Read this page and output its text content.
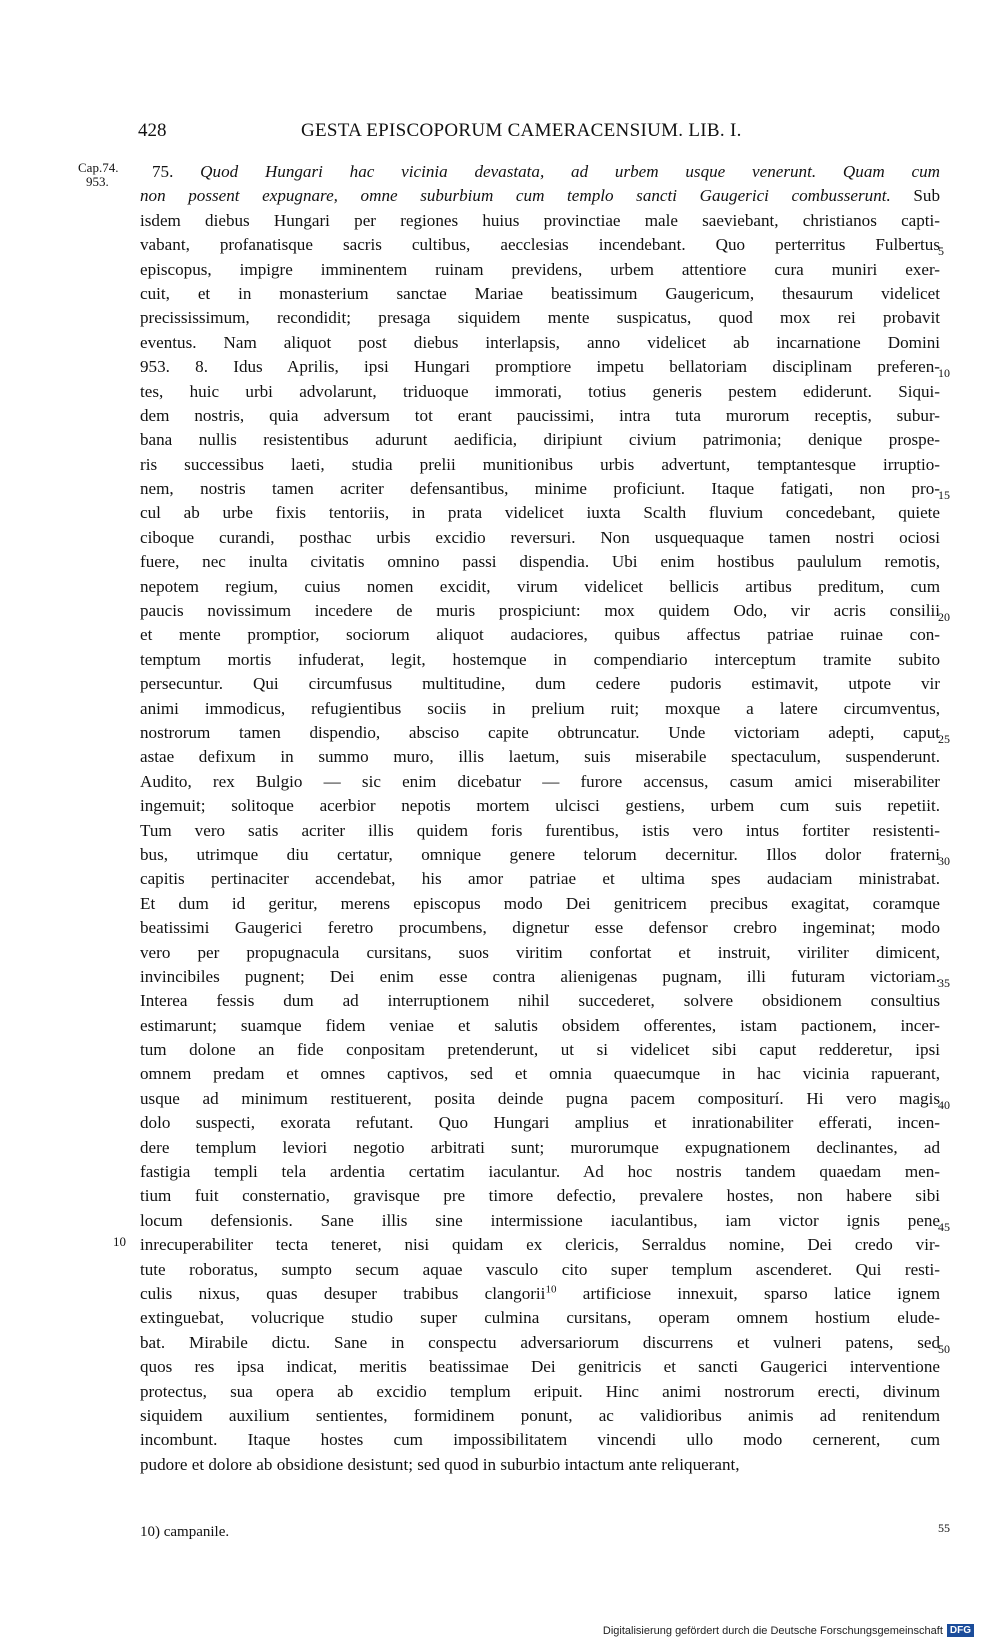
428	GESTA EPISCOPORUM CAMERACENSIUM. LIB. I.
Cap.74.
953.
75. Quod Hungari hac vicinia devastata, ad urbem usque venerunt. Quam cum
non possent expugnare, omne suburbium cum templo sancti Gaugerici combusserunt. Sub
isdem diebus Hungari per regiones huius provinctiae male saeviebant, christianos capti-
vabant, profanatisque sacris cultibus, aecclesias incendebant. Quo perterritus Fulbertus
episcopus, impigre imminentem ruinam previdens, urbem attentiore cura muniri exer-
cuit, et in monasterium sanctae Mariae beatissimum Gaugericum, thesaurum videlicet
precississimum, recondidit; presaga siquidem mente suspicatus, quod mox rei probavit
eventus. Nam aliquot post diebus interlapsis, anno videlicet ab incarnatione Domini
953. 8. Idus Aprilis, ipsi Hungari promptiore impetu bellatoriam disciplinam preferen-
tes, huic urbi advolarunt, triduoque immorati, totius generis pestem ediderunt. Siqui-
dem nostris, quia adversum tot erant paucissimi, intra tuta murorum receptis, subur-
bana nullis resistentibus adurunt aedificia, diripiunt civium patrimonia; denique prospe-
ris successibus laeti, studia prelii munitionibus urbis advertunt, temptantesque irruptio-
nem, nostris tamen acriter defensantibus, minime proficiunt. Itaque fatigati, non pro-
cul ab urbe fixis tentoriis, in prata videlicet iuxta Scalth fluvium concedebant, quiete
ciboque curandi, posthac urbis excidio reversuri. Non usquequaque tamen nostri ociosi
fuere, nec inulta civitatis omnino passi dispendia. Ubi enim hostibus paululum remotis,
nepotem regium, cuius nomen excidit, virum videlicet bellicis artibus preditum, cum
paucis novissimum incedere de muris prospiciunt: mox quidem Odo, vir acris consilii
et mente promptior, sociorum aliquot audaciores, quibus affectus patriae ruinae con-
temptum mortis infuderat, legit, hostemque in compendiario interceptum tramite subito
persecuntur. Qui circumfusus multitudine, dum cedere pudoris estimavit, utpote vir
animi immodicus, refugientibus sociis in prelium ruit; moxque a latere circumventus,
nostrorum tamen dispendio, absciso capite obtruncatur. Unde victoriam adepti, caput
astae defixum in summo muro, illis laetum, suis miserabile spectaculum, suspenderunt.
Audito, rex Bulgio — sic enim dicebatur — furore accensus, casum amici miserabiliter
ingemuit; solitoque acerbior nepotis mortem ulcisci gestiens, urbem cum suis repetiit.
Tum vero satis acriter illis quidem foris furentibus, istis vero intus fortiter resistenti-
bus, utrimque diu certatur, omnique genere telorum decernitur. Illos dolor fraterni
capitis pertinaciter accendebat, his amor patriae et ultima spes audaciam ministrabat.
Et dum id geritur, merens episcopus modo Dei genitricem precibus exagitat, coramque
beatissimi Gaugerici feretro procumbens, dignetur esse defensor crebro ingeminat; modo
vero per propugnacula cursitans, suos viritim confortat et instruit, viriliter dimicent,
invincibiles pugnent; Dei enim esse contra alienigenas pugnam, illi futuram victoriam.
Interea fessis dum ad interruptionem nihil succederet, solvere obsidionem consultius
estimarunt; suamque fidem veniae et salutis obsidem offerentes, istam pactionem, incer-
tum dolone an fide conpositam pretenderunt, ut si videlicet sibi caput redderetur, ipsi
omnem predam et omnes captivos, sed et omnia quaecumque in hac vicinia rapuerant,
usque ad minimum restituerent, posita deinde pugna pacem compositurí. Hi vero magis
dolo suspecti, exorata refutant. Quo Hungari amplius et inrationabiliter efferati, incen-
dere templum leviori negotio arbitrati sunt; murorumque expugnationem declinantes, ad
fastigia templi tela ardentia certatim iaculantur. Ad hoc nostris tandem quaedam men-
tium fuit consternatio, gravisque pre timore defectio, prevalere hostes, non habere sibi
locum defensionis. Sane illis sine intermissione iaculantibus, iam victor ignis pene
inrecuperabiliter tecta teneret, nisi quidam ex clericis, Serraldus nomine, Dei credo vir-
tute roboratus, sumpto secum aquae vasculo cito super templum ascenderet. Qui resti-
culis nixus, quas desuper trabibus clangorii$^{10}$ artificiose innexuit, sparso latice ignem
extinguebat, volucrique studio super culmina cursitans, operam omnem hostium elude-
bat. Mirabile dictu. Sane in conspectu adversariorum discurrens et vulneri patens, sed
quos res ipsa indicat, meritis beatissimae Dei genitricis et sancti Gaugerici interventione
protectus, sua opera ab excidio templum eripuit. Hinc animi nostrorum erecti, divinum
siquidem auxilium sentientes, formidinem ponunt, ac validioribus animis ad renitendum
incombunt. Itaque hostes cum impossibilitatem vincendi ullo modo cernerent, cum
pudore et dolore ab obsidione desistunt; sed quod in suburbio intactum ante reliquerant,
10
5
10
15
20
25
30
35
40
45
50
10) campanile.
Digitalisierung gefördert durch die Deutsche Forschungsgemeinschaft DFG
55
